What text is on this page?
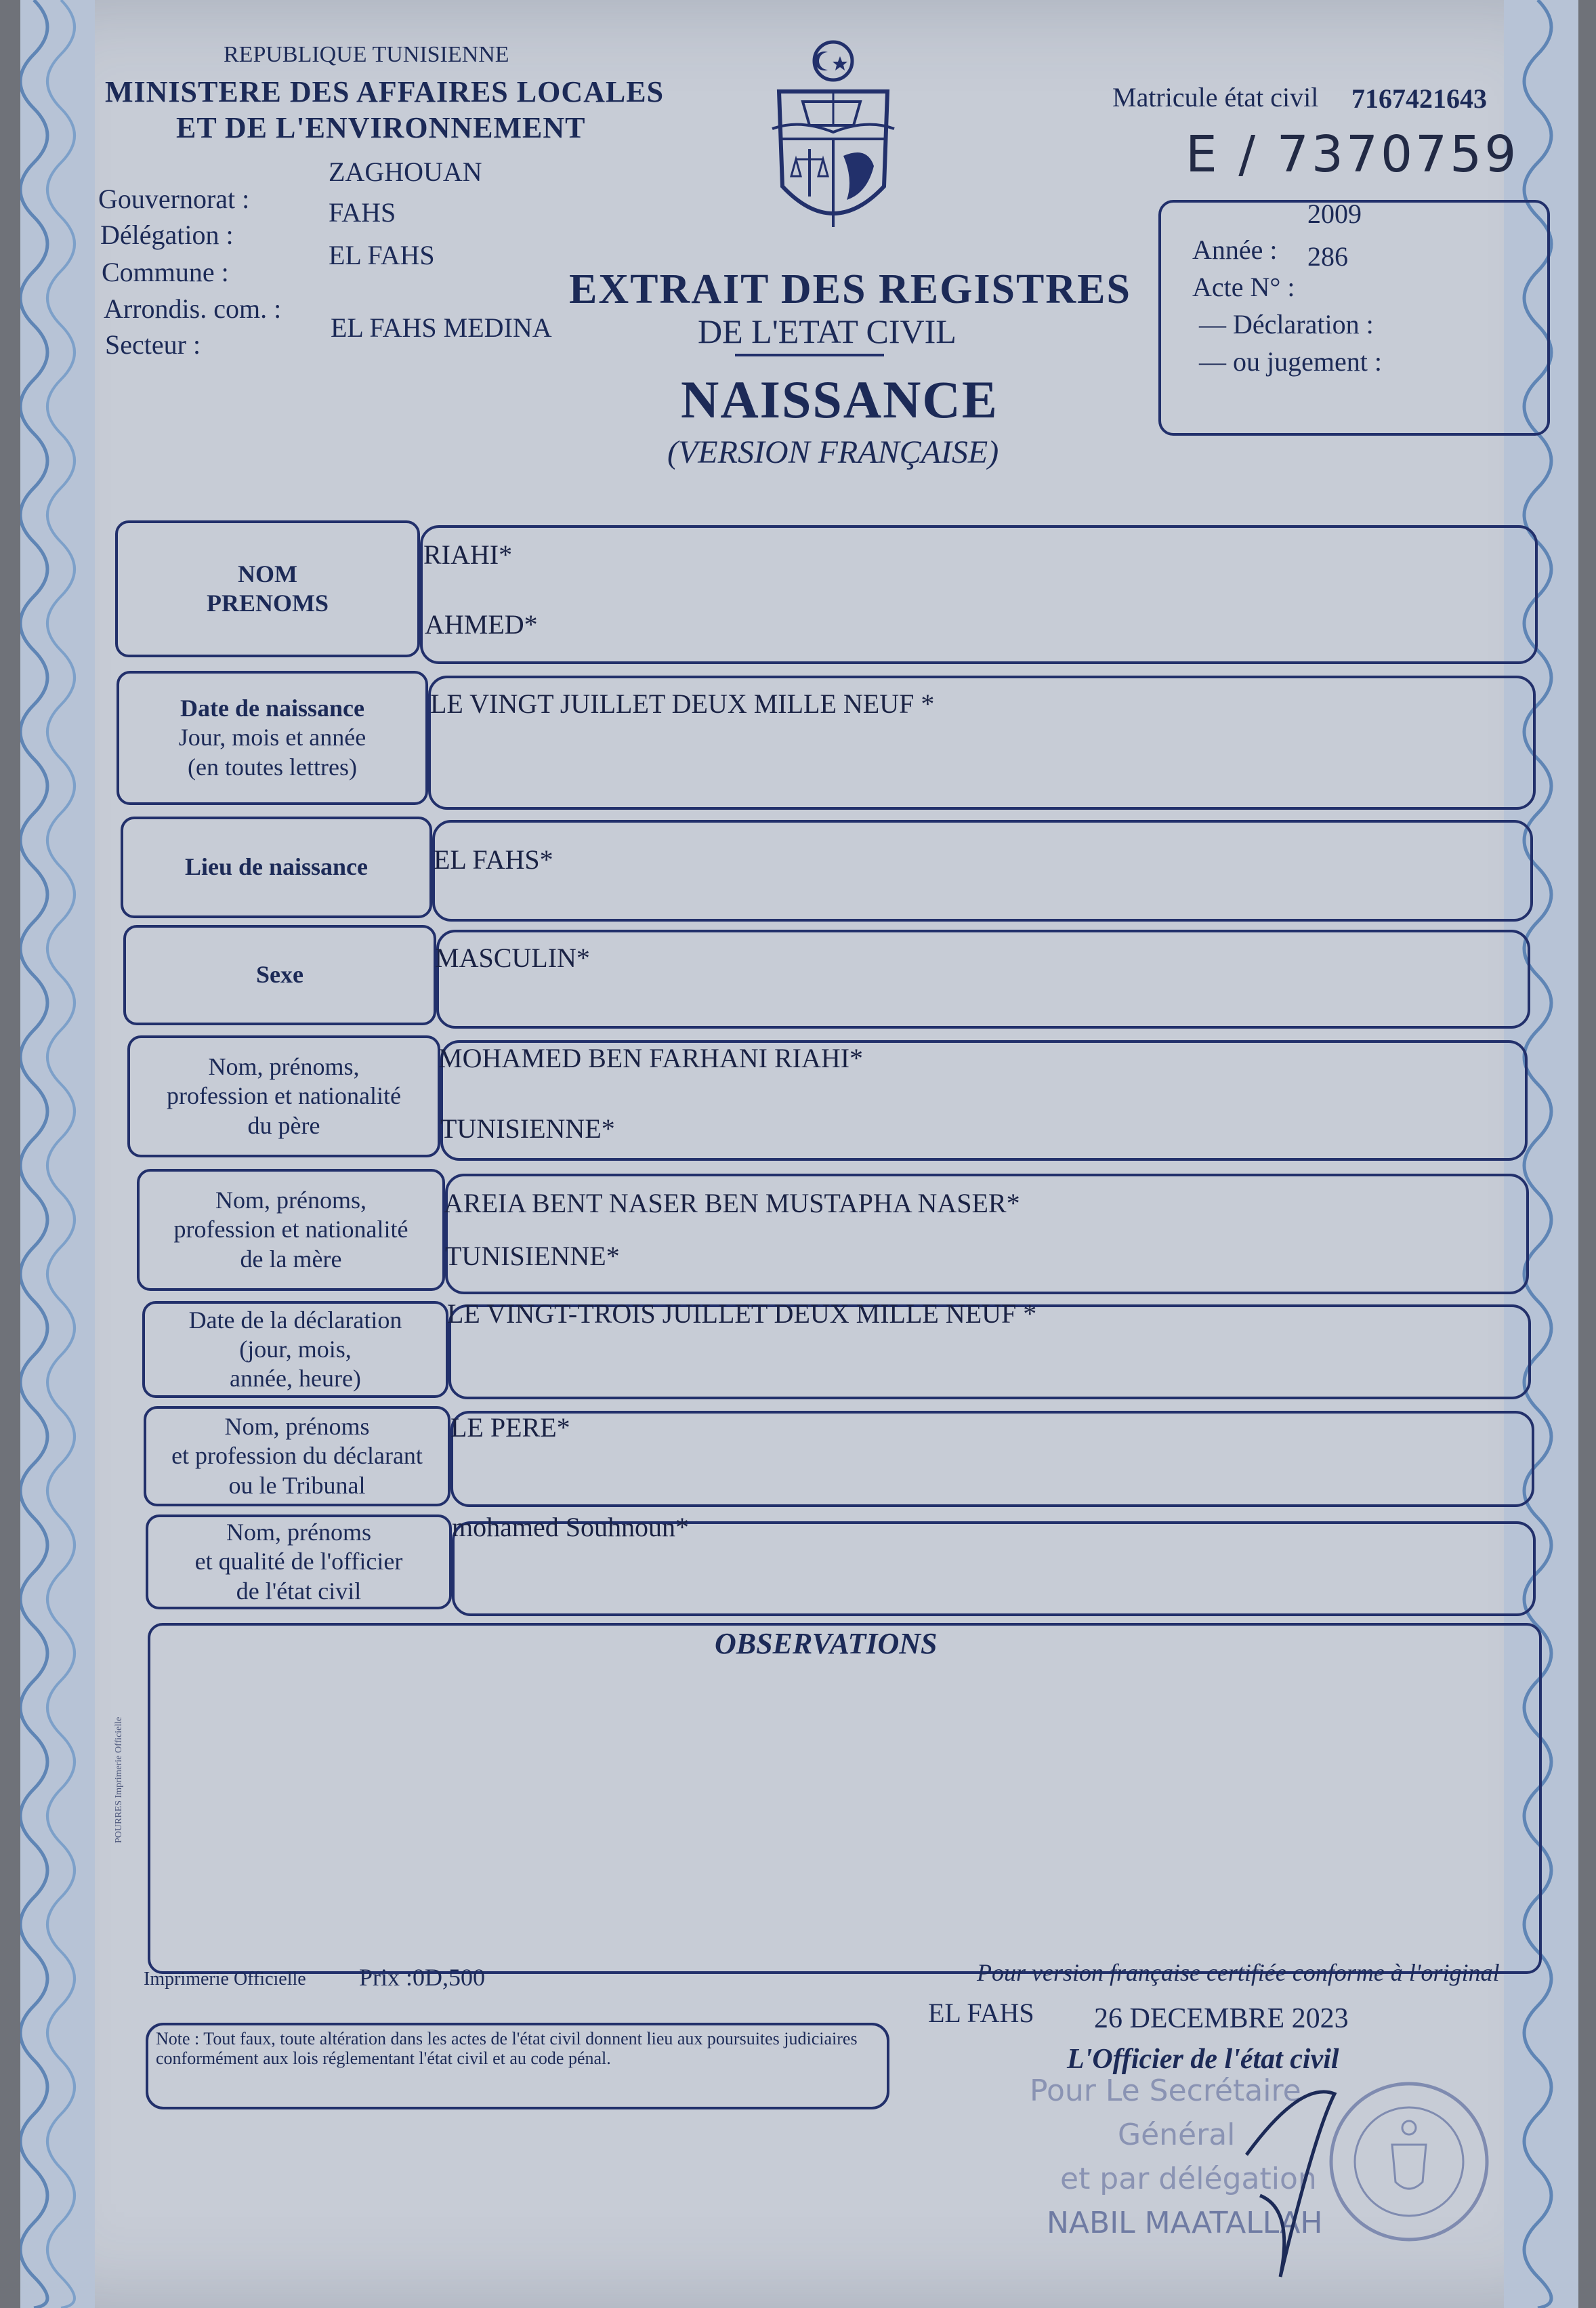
REPUBLIQUE TUNISIENNE
MINISTERE DES AFFAIRES LOCALES
ET DE L'ENVIRONNEMENT
Gouvernorat :
ZAGHOUAN
Délégation :
FAHS
Commune :
EL FAHS
Arrondis. com. :
Secteur :
EL FAHS MEDINA
EXTRAIT DES REGISTRES
DE L'ETAT CIVIL
NAISSANCE
(VERSION FRANÇAISE)
Matricule état civil 7167421643
E / 7370759
2009
Année : 286
Acte N° :
— Déclaration :
— ou jugement :
NOM
PRENOMS
RIAHI*
AHMED*
Date de naissance
Jour, mois et année
(en toutes lettres)
LE VINGT JUILLET DEUX MILLE NEUF *
Lieu de naissance EL FAHS*
Sexe
MASCULIN*
Nom, prénoms,
profession et nationalité
du père
MOHAMED BEN FARHANI RIAHI*
TUNISIENNE*
Nom, prénoms,
profession et nationalité
de la mère
AREIA BENT NASER BEN MUSTAPHA NASER*
TUNISIENNE*
Date de la déclaration
(jour, mois,
année, heure)
LE VINGT-TROIS JUILLET DEUX MILLE NEUF *
Nom, prénoms
et profession du déclarant
ou le Tribunal
LE PERE*
Nom, prénoms
et qualité de l'officier
de l'état civil
mohamed Souhnoun*
OBSERVATIONS
POURRES Imprimerie Officielle
Imprimerie Officielle Prix :0D,500
Note : Tout faux, toute altération dans les actes de l'état civil donnent lieu aux poursuites judiciaires conformément aux lois réglementant l'état civil et au code pénal.
Pour version française certifiée conforme à l'original
EL FAHS 26 DECEMBRE 2023
L'Officier de l'état civil
Pour Le Secrétaire
Général
et par délégation
NABIL MAATALLAH
